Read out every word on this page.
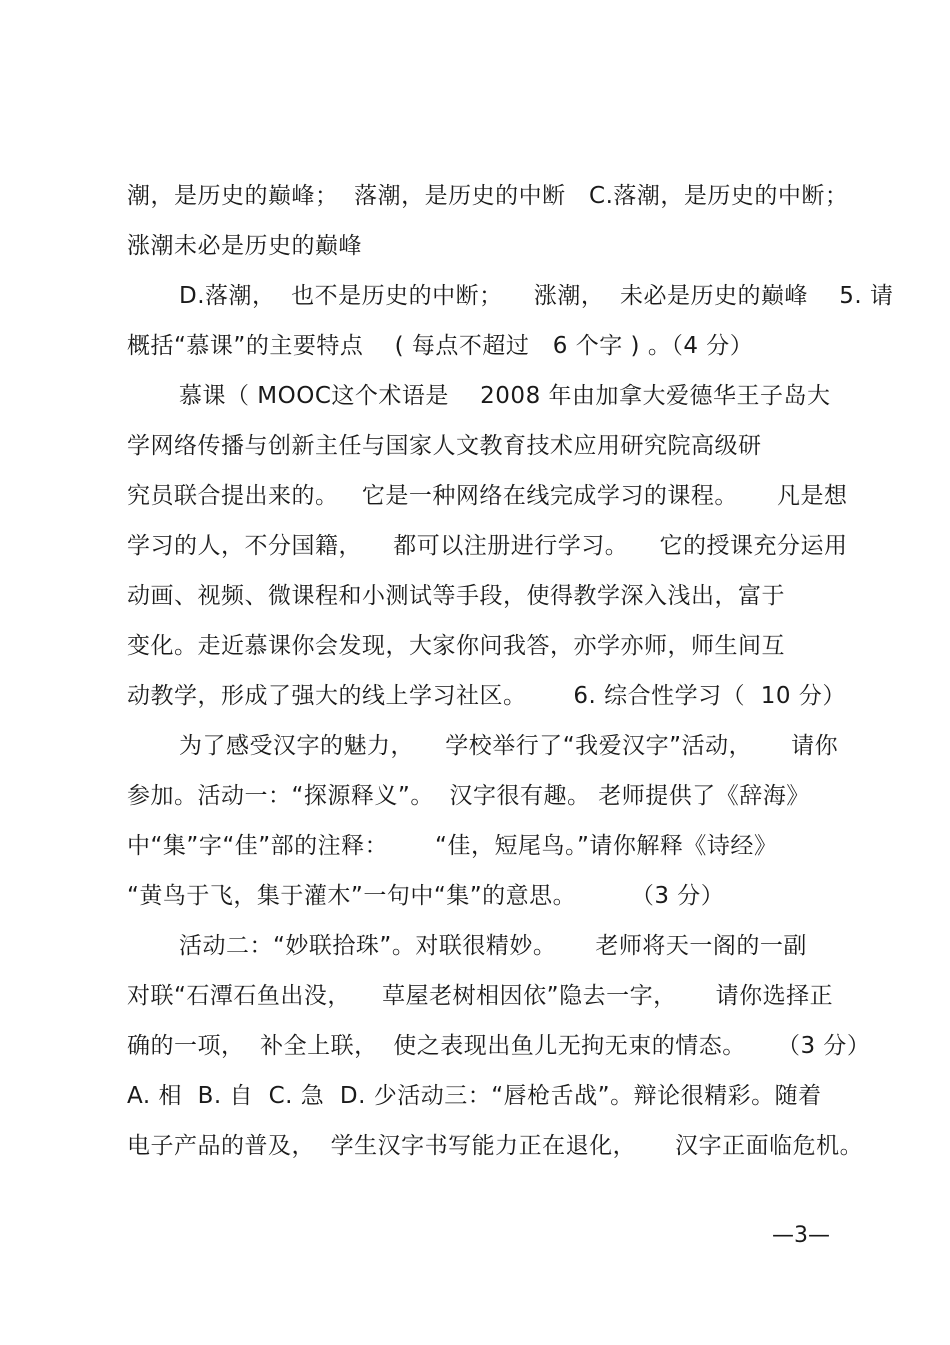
潮，是历史的巅峰；  落潮，是历史的中断   C.落潮，是历史的中断；
涨潮未必是历史的巅峰
D.落潮，  也不是历史的中断；    涨潮，  未必是历史的巅峰    5. 请
概括“慕课”的主要特点    ( 每点不超过   6 个字 ) 。（4 分）
慕课（ MOOC这个术语是    2008 年由加拿大爱德华王子岛大
学网络传播与创新主任与国家人文教育技术应用研究院高级研
究员联合提出来的。   它是一种网络在线完成学习的课程。     凡是想
学习的人，不分国籍，    都可以注册进行学习。    它的授课充分运用
动画、视频、微课程和小测试等手段，使得教学深入浅出，富于
变化。走近慕课你会发现，大家你问我答，亦学亦师，师生间互
动教学，形成了强大的线上学习社区。      6. 综合性学习（  10 分）
为了感受汉字的魅力，    学校举行了“我爱汉字”活动，     请你
参加。活动一：“探源释义”。  汉字很有趣。 老师提供了《辞海》
中“集”字“佳”部的注释：      “佳，短尾鸟。”请你解释《诗经》
“黄鸟于飞，集于灌木”一句中“集”的意思。       （3 分）
活动二：“妙联拾珠”。对联很精妙。     老师将天一阁的一副
对联“石潭石鱼出没，    草屋老树相因依”隐去一字，     请你选择正
确的一项，  补全上联，  使之表现出鱼儿无拘无束的情态。    （3 分）
A. 相  B. 自  C. 急  D. 少活动三：“唇枪舌战”。辩论很精彩。随着
电子产品的普及，  学生汉字书写能力正在退化，     汉字正面临危机。
—3—
